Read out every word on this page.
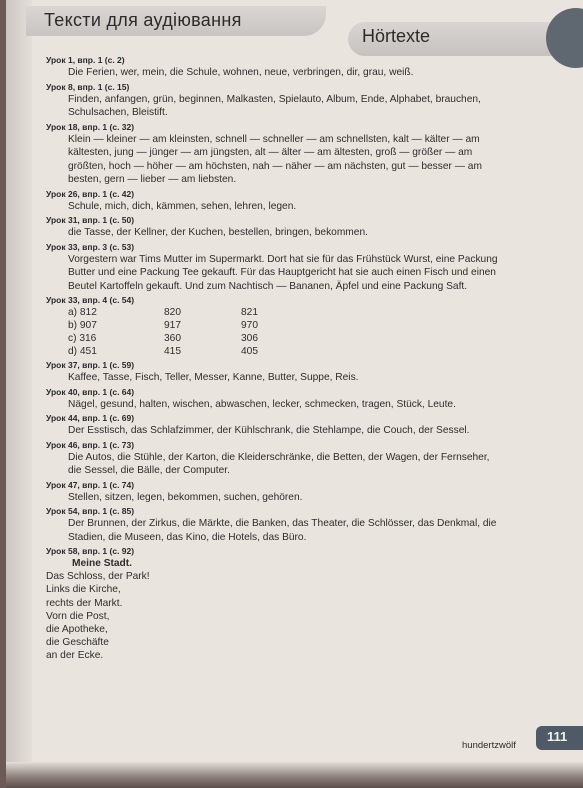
Тексти для аудіювання
Hörtexte
Урок 1, впр. 1 (с. 2)
Die Ferien, wer, mein, die Schule, wohnen, neue, verbringen, dir, grau, weiß.
Урок 8, впр. 1 (с. 15)
Finden, anfangen, grün, beginnen, Malkasten, Spielauto, Album, Ende, Alphabet, brauchen,
Schulsachen, Bleistift.
Урок 18, впр. 1 (с. 32)
Klein — kleiner — am kleinsten, schnell — schneller — am schnellsten, kalt — kälter — am
kältesten, jung — jünger — am jüngsten, alt — älter — am ältesten, groß — größer — am
größten, hoch — höher — am höchsten, nah — näher — am nächsten, gut — besser — am
besten, gern — lieber — am liebsten.
Урок 26, впр. 1 (с. 42)
Schule, mich, dich, kämmen, sehen, lehren, legen.
Урок 31, впр. 1 (с. 50)
die Tasse, der Kellner, der Kuchen, bestellen, bringen, bekommen.
Урок 33, впр. 3 (с. 53)
Vorgestern war Tims Mutter im Supermarkt. Dort hat sie für das Frühstück Wurst, eine Packung
Butter und eine Packung Tee gekauft. Für das Hauptgericht hat sie auch einen Fisch und einen
Beutel Kartoffeln gekauft. Und zum Nachtisch — Bananen, Äpfel und eine Packung Saft.
Урок 33, впр. 4 (с. 54)
a) 812	820	821
b) 907	917	970
c) 316	360	306
d) 451	415	405
Урок 37, впр. 1 (с. 59)
Kaffee, Tasse, Fisch, Teller, Messer, Kanne, Butter, Suppe, Reis.
Урок 40, впр. 1 (с. 64)
Nägel, gesund, halten, wischen, abwaschen, lecker, schmecken, tragen, Stück, Leute.
Урок 44, впр. 1 (с. 69)
Der Esstisch, das Schlafzimmer, der Kühlschrank, die Stehlampe, die Couch, der Sessel.
Урок 46, впр. 1 (с. 73)
Die Autos, die Stühle, der Karton, die Kleiderschränke, die Betten, der Wagen, der Fernseher,
die Sessel, die Bälle, der Computer.
Урок 47, впр. 1 (с. 74)
Stellen, sitzen, legen, bekommen, suchen, gehören.
Урок 54, впр. 1 (с. 85)
Der Brunnen, der Zirkus, die Märkte, die Banken, das Theater, die Schlösser, das Denkmal, die
Stadien, die Museen, das Kino, die Hotels, das Büro.
Урок 58, впр. 1 (с. 92)
Meine Stadt.
Das Schloss, der Park!
Links die Kirche,
rechts der Markt.
Vorn die Post,
die Apotheke,
die Geschäfte
an der Ecke.
hundertzwölf
111
